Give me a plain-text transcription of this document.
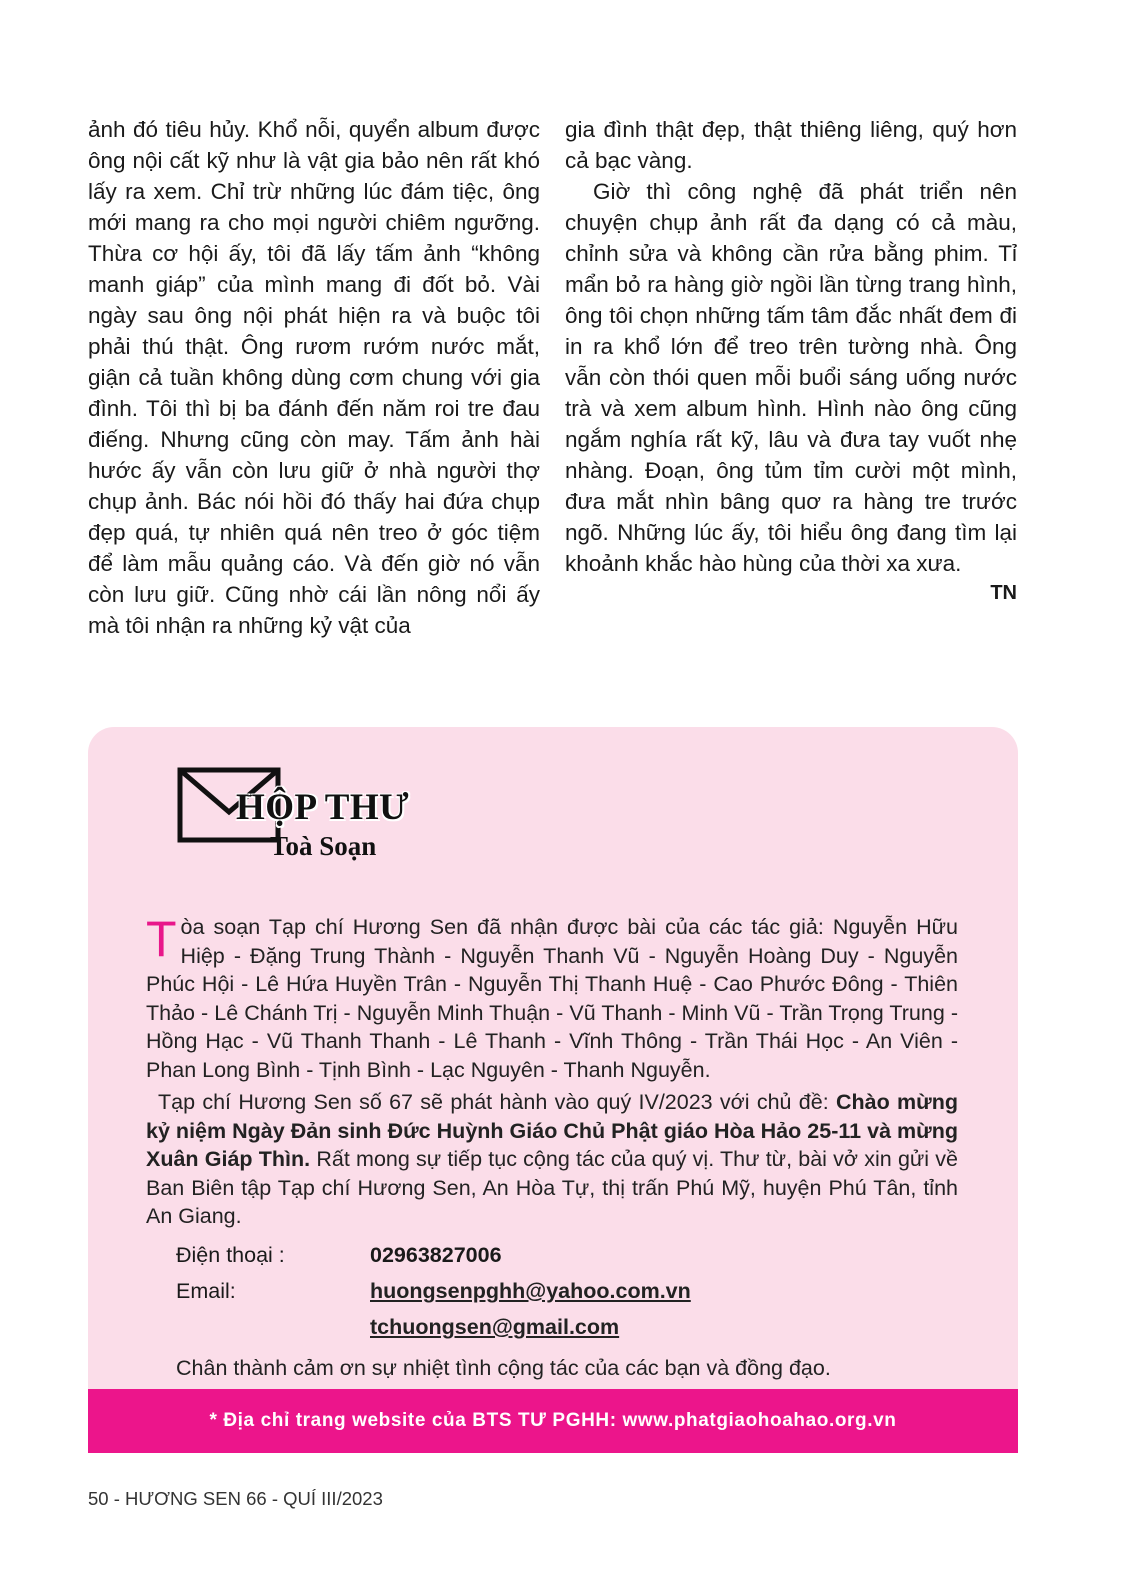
ảnh đó tiêu hủy. Khổ nỗi, quyển album được ông nội cất kỹ như là vật gia bảo nên rất khó lấy ra xem. Chỉ trừ những lúc đám tiệc, ông mới mang ra cho mọi người chiêm ngưỡng. Thừa cơ hội ấy, tôi đã lấy tấm ảnh “không manh giáp” của mình mang đi đốt bỏ. Vài ngày sau ông nội phát hiện ra và buộc tôi phải thú thật. Ông rươm rướm nước mắt, giận cả tuần không dùng cơm chung với gia đình. Tôi thì bị ba đánh đến năm roi tre đau điếng. Nhưng cũng còn may. Tấm ảnh hài hước ấy vẫn còn lưu giữ ở nhà người thợ chụp ảnh. Bác nói hồi đó thấy hai đứa chụp đẹp quá, tự nhiên quá nên treo ở góc tiệm để làm mẫu quảng cáo. Và đến giờ nó vẫn còn lưu giữ. Cũng nhờ cái lần nông nổi ấy mà tôi nhận ra những kỷ vật của

gia đình thật đẹp, thật thiêng liêng, quý hơn cả bạc vàng.

Giờ thì công nghệ đã phát triển nên chuyện chụp ảnh rất đa dạng có cả màu, chỉnh sửa và không cần rửa bằng phim. Tỉ mẩn bỏ ra hàng giờ ngồi lần từng trang hình, ông tôi chọn những tấm tâm đắc nhất đem đi in ra khổ lớn để treo trên tường nhà. Ông vẫn còn thói quen mỗi buổi sáng uống nước trà và xem album hình. Hình nào ông cũng ngắm nghía rất kỹ, lâu và đưa tay vuốt nhẹ nhàng. Đoạn, ông tủm tỉm cười một mình, đưa mắt nhìn bâng quơ ra hàng tre trước ngõ. Những lúc ấy, tôi hiểu ông đang tìm lại khoảnh khắc hào hùng của thời xa xưa.

TN
HỘP THƯ
Toà Soạn

Tòa soạn Tạp chí Hương Sen đã nhận được bài của các tác giả: Nguyễn Hữu Hiệp - Đặng Trung Thành - Nguyễn Thanh Vũ - Nguyễn Hoàng Duy - Nguyễn Phúc Hội - Lê Hứa Huyền Trân - Nguyễn Thị Thanh Huệ - Cao Phước Đông - Thiên Thảo - Lê Chánh Trị - Nguyễn Minh Thuận - Vũ Thanh - Minh Vũ - Trần Trọng Trung - Hồng Hạc - Vũ Thanh Thanh - Lê Thanh - Vĩnh Thông - Trần Thái Học - An Viên - Phan Long Bình - Tịnh Bình - Lạc Nguyên - Thanh Nguyễn.

Tạp chí Hương Sen số 67 sẽ phát hành vào quý IV/2023 với chủ đề: Chào mừng kỷ niệm Ngày Đản sinh Đức Huỳnh Giáo Chủ Phật giáo Hòa Hảo 25-11 và mừng Xuân Giáp Thìn. Rất mong sự tiếp tục cộng tác của quý vị. Thư từ, bài vở xin gửi về Ban Biên tập Tạp chí Hương Sen, An Hòa Tự, thị trấn Phú Mỹ, huyện Phú Tân, tỉnh An Giang.

Điện thoại :	02963827006
Email:	huongsenpghh@yahoo.com.vn
tchuongsen@gmail.com
Chân thành cảm ơn sự nhiệt tình cộng tác của các bạn và đồng đạo.
* Địa chỉ trang website của BTS TƯ PGHH: www.phatgiaohoahao.org.vn
50 - HƯƠNG SEN 66 - QUÍ III/2023
